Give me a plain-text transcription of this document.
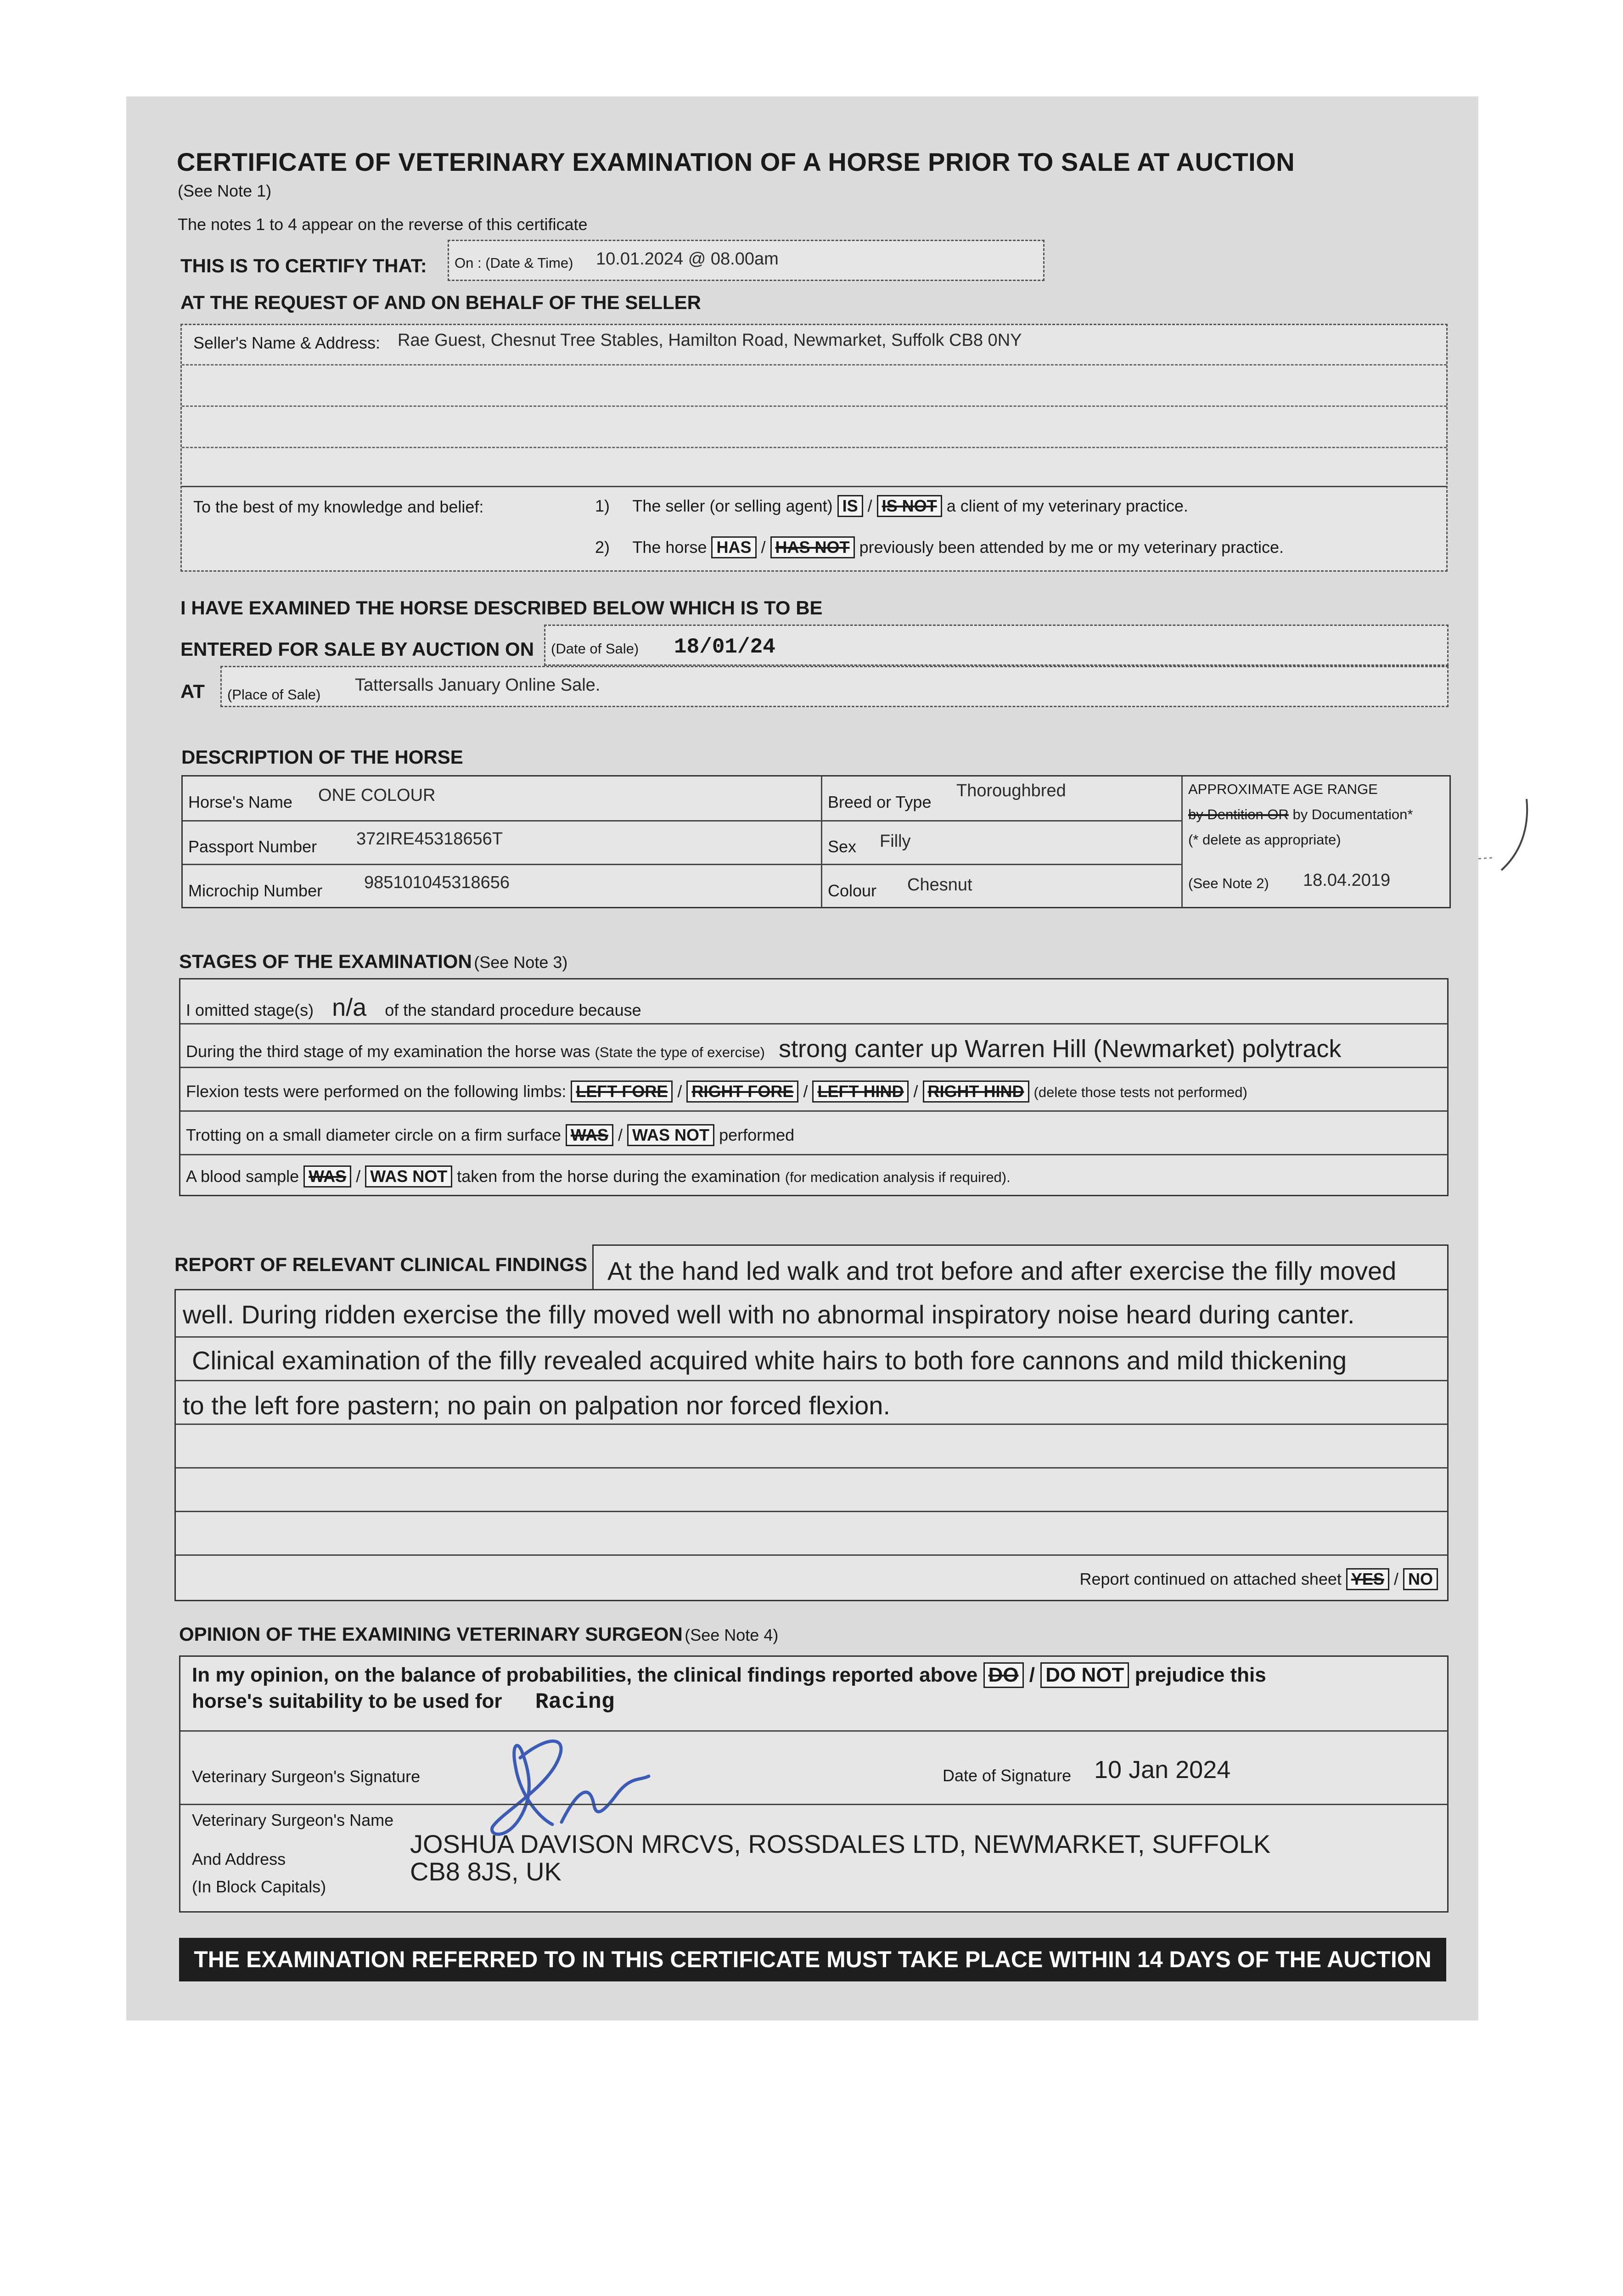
CERTIFICATE OF VETERINARY EXAMINATION OF A HORSE PRIOR TO SALE AT AUCTION
(See Note 1)
The notes 1 to 4 appear on the reverse of this certificate
THIS IS TO CERTIFY THAT: On : (Date & Time) 10.01.2024 @ 08.00am
AT THE REQUEST OF AND ON BEHALF OF THE SELLER
Seller's Name & Address: Rae Guest, Chesnut Tree Stables, Hamilton Road, Newmarket, Suffolk CB8 0NY
To the best of my knowledge and belief:	1) The seller (or selling agent) IS / IS NOT a client of my veterinary practice.
2) The horse HAS / HAS NOT previously been attended by me or my veterinary practice.
I HAVE EXAMINED THE HORSE DESCRIBED BELOW WHICH IS TO BE
ENTERED FOR SALE BY AUCTION ON (Date of Sale) 18/01/24
AT (Place of Sale) Tattersalls January Online Sale.
DESCRIPTION OF THE HORSE
Horse's Name ONE COLOUR
Passport Number 372IRE45318656T
Microchip Number 985101045318656
Breed or Type
Thoroughbred
Sex Filly
Colour Chesnut
APPROXIMATE AGE RANGE
by Dentition OR by Documentation*
(* delete as appropriate)
(See Note 2) 18.04.2019
STAGES OF THE EXAMINATION (See Note 3)
I omitted stage(s) n/a of the standard procedure because
During the third stage of my examination the horse was (State the type of exercise) strong canter up Warren Hill (Newmarket) polytrack
Flexion tests were performed on the following limbs: LEFT FORE / RIGHT FORE / LEFT HIND / RIGHT HIND (delete those tests not performed)
Trotting on a small diameter circle on a firm surface WAS / WAS NOT performed
A blood sample WAS / WAS NOT taken from the horse during the examination (for medication analysis if required).
REPORT OF RELEVANT CLINICAL FINDINGS At the hand led walk and trot before and after exercise the filly moved
well. During ridden exercise the filly moved well with no abnormal inspiratory noise heard during canter.
Clinical examination of the filly revealed acquired white hairs to both fore cannons and mild thickening
to the left fore pastern; no pain on palpation nor forced flexion.
Report continued on attached sheet YES / NO
OPINION OF THE EXAMINING VETERINARY SURGEON (See Note 4)
In my opinion, on the balance of probabilities, the clinical findings reported above DO / DO NOT prejudice this
horse's suitability to be used for Racing
Veterinary Surgeon's Signature	Date of Signature 10 Jan 2024
Veterinary Surgeon's Name
And Address
(In Block Capitals)
JOSHUA DAVISON MRCVS, ROSSDALES LTD, NEWMARKET, SUFFOLK
CB8 8JS, UK
THE EXAMINATION REFERRED TO IN THIS CERTIFICATE MUST TAKE PLACE WITHIN 14 DAYS OF THE AUCTION
